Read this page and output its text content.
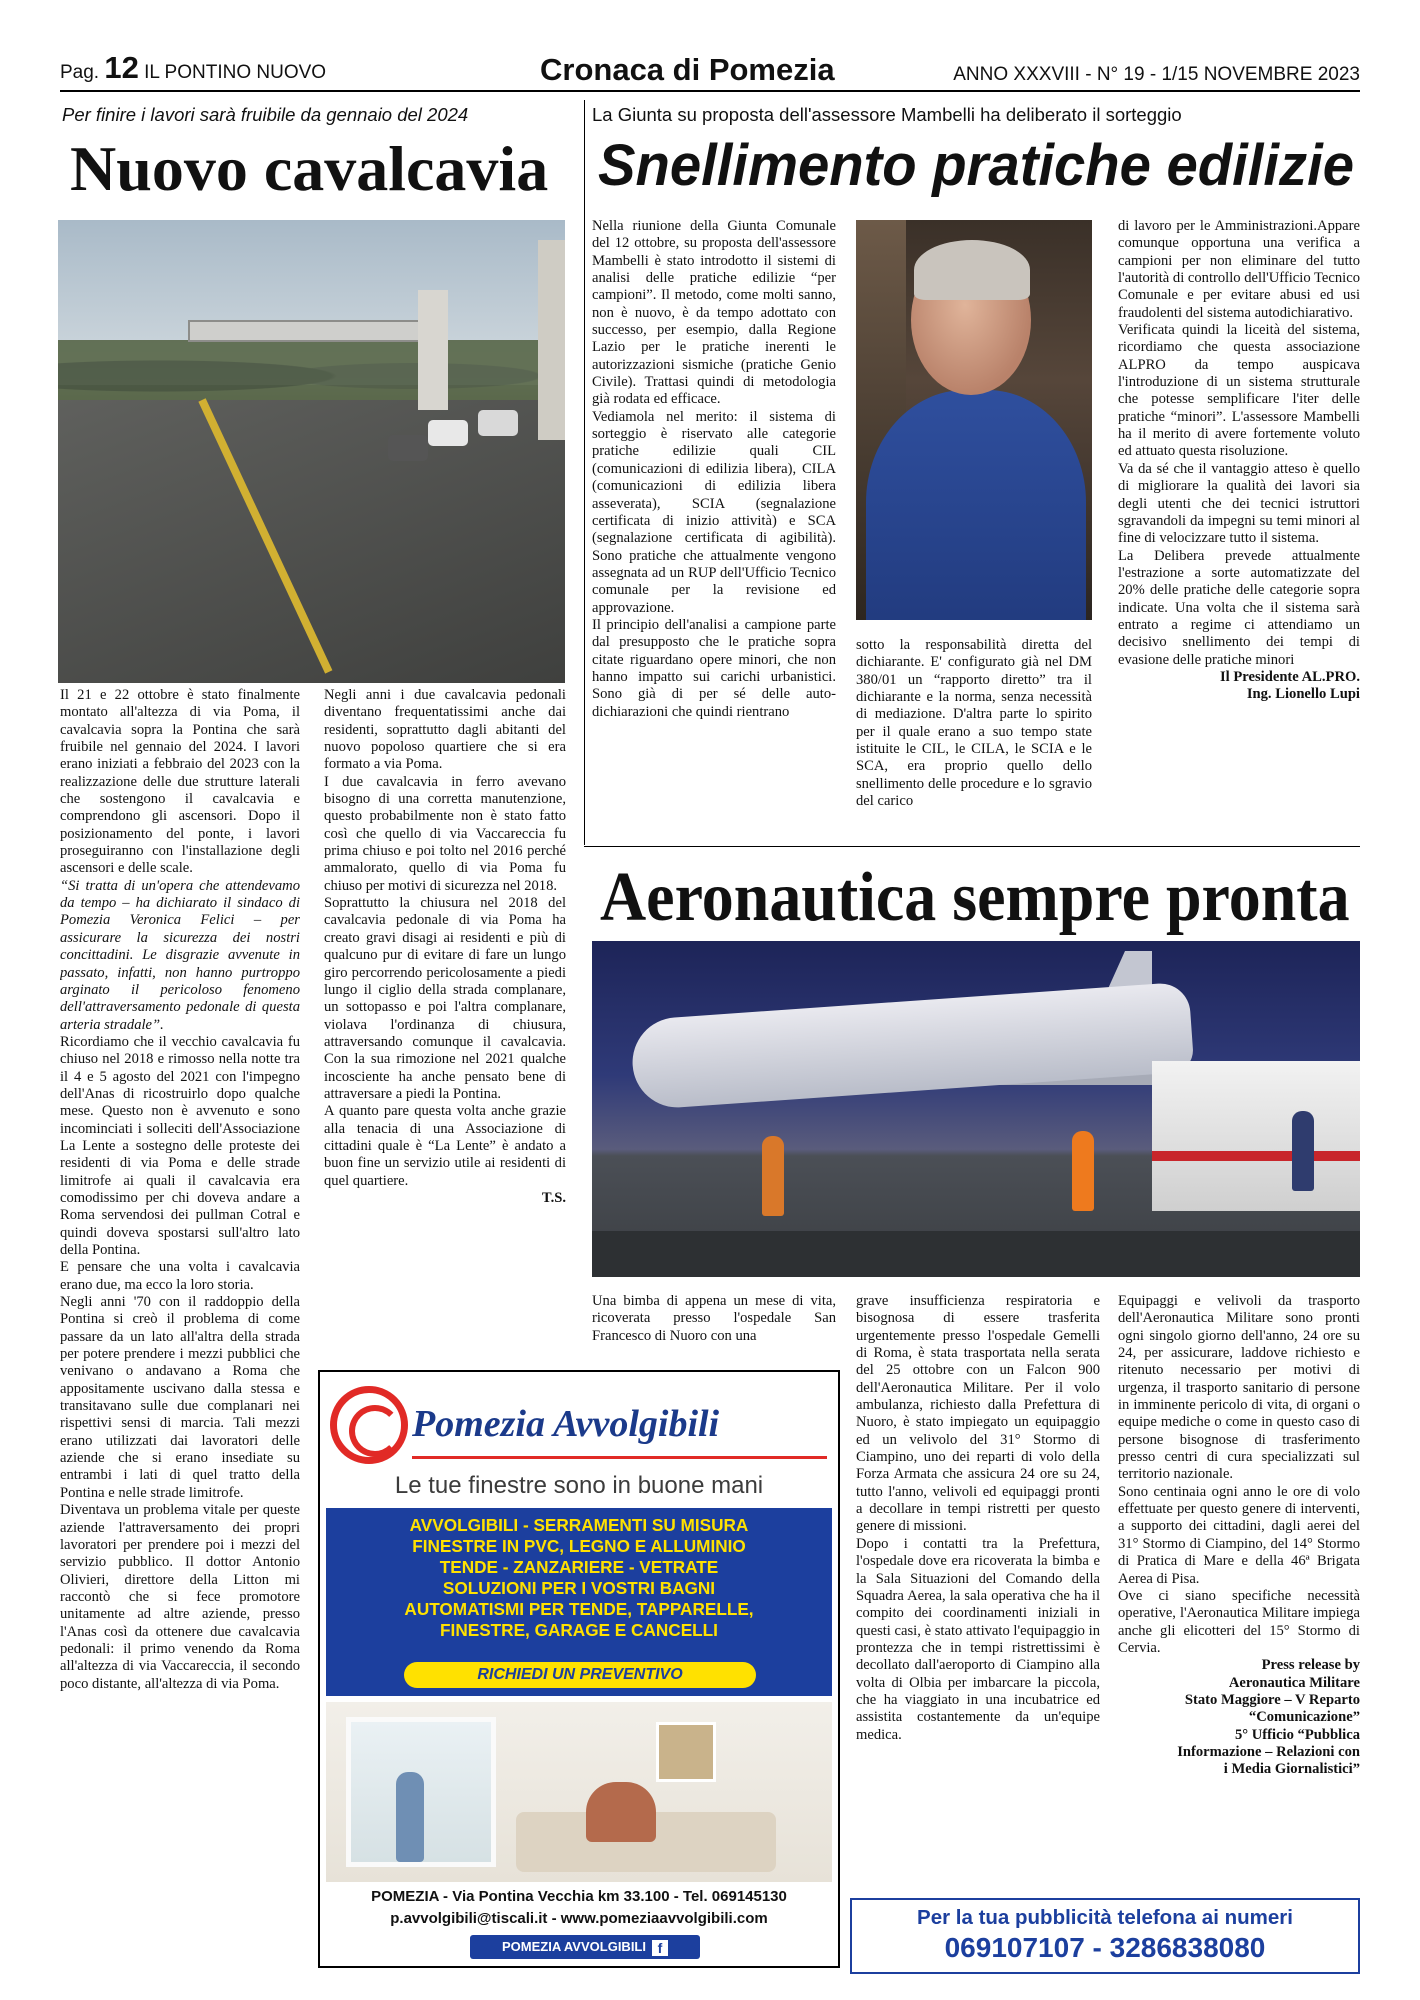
Pag. 12 IL PONTINO NUOVO	Cronaca di Pomezia	ANNO XXXVIII - N° 19 - 1/15 NOVEMBRE 2023
Per finire i lavori sarà fruibile da gennaio del 2024
Nuovo cavalcavia

Il 21 e 22 ottobre è stato finalmente montato all'altezza di via Poma, il cavalcavia sopra la Pontina che sarà fruibile nel gennaio del 2024. I lavori erano iniziati a febbraio del 2023 con la realizzazione delle due strutture laterali che sostengono il cavalcavia e comprendono gli ascensori. Dopo il posizionamento del ponte, i lavori proseguiranno con l'installazione degli ascensori e delle scale.

“Si tratta di un'opera che attendevamo da tempo – ha dichiarato il sindaco di Pomezia Veronica Felici – per assicurare la sicurezza dei nostri concittadini. Le disgrazie avvenute in passato, infatti, non hanno purtroppo arginato il pericoloso fenomeno dell'attraversamento pedonale di questa arteria stradale”.

Ricordiamo che il vecchio cavalcavia fu chiuso nel 2018 e rimosso nella notte tra il 4 e 5 agosto del 2021 con l'impegno dell'Anas di ricostruirlo dopo qualche mese. Questo non è avvenuto e sono incominciati i solleciti dell'Associazione La Lente a sostegno delle proteste dei residenti di via Poma e delle strade limitrofe ai quali il cavalcavia era comodissimo per chi doveva andare a Roma servendosi dei pullman Cotral e quindi doveva spostarsi sull'altro lato della Pontina.

E pensare che una volta i cavalcavia erano due, ma ecco la loro storia.

Negli anni '70 con il raddoppio della Pontina si creò il problema di come passare da un lato all'altra della strada per potere prendere i mezzi pubblici che venivano o andavano a Roma che appositamente uscivano dalla stessa e transitavano sulle due complanari nei rispettivi sensi di marcia. Tali mezzi erano utilizzati dai lavoratori delle aziende che si erano insediate su entrambi i lati di quel tratto della Pontina e nelle strade limitrofe.

Diventava un problema vitale per queste aziende l'attraversamento dei propri lavoratori per prendere poi i mezzi del servizio pubblico. Il dottor Antonio Olivieri, direttore della Litton mi raccontò che si fece promotore unitamente ad altre aziende, presso l'Anas così da ottenere due cavalcavia pedonali: il primo venendo da Roma all'altezza di via Vaccareccia, il secondo poco distante, all'altezza di via Poma.

Negli anni i due cavalcavia pedonali diventano frequentatissimi anche dai residenti, soprattutto dagli abitanti del nuovo popoloso quartiere che si era formato a via Poma.

I due cavalcavia in ferro avevano bisogno di una corretta manutenzione, questo probabilmente non è stato fatto così che quello di via Vaccareccia fu prima chiuso e poi tolto nel 2016 perché ammalorato, quello di via Poma fu chiuso per motivi di sicurezza nel 2018.

Soprattutto la chiusura nel 2018 del cavalcavia pedonale di via Poma ha creato gravi disagi ai residenti e più di qualcuno pur di evitare di fare un lungo giro percorrendo pericolosamente a piedi lungo il ciglio della strada complanare, un sottopasso e poi l'altra complanare, violava l'ordinanza di chiusura, attraversando comunque il cavalcavia. Con la sua rimozione nel 2021 qualche incosciente ha anche pensato bene di attraversare a piedi la Pontina.

A quanto pare questa volta anche grazie alla tenacia di una Associazione di cittadini quale è “La Lente” è andato a buon fine un servizio utile ai residenti di quel quartiere.

T.S.

La Giunta su proposta dell'assessore Mambelli ha deliberato il sorteggio
Snellimento pratiche edilizie

Nella riunione della Giunta Comunale del 12 ottobre, su proposta dell'assessore Mambelli è stato introdotto il sistemi di analisi delle pratiche edilizie “per campioni”. Il metodo, come molti sanno, non è nuovo, è da tempo adottato con successo, per esempio, dalla Regione Lazio per le pratiche inerenti le autorizzazioni sismiche (pratiche Genio Civile). Trattasi quindi di metodologia già rodata ed efficace.

Vediamola nel merito: il sistema di sorteggio è riservato alle categorie pratiche edilizie quali CIL (comunicazioni di edilizia libera), CILA (comunicazioni di edilizia libera asseverata), SCIA (segnalazione certificata di inizio attività) e SCA (segnalazione certificata di agibilità). Sono pratiche che attualmente vengono assegnata ad un RUP dell'Ufficio Tecnico comunale per la revisione ed approvazione.

Il principio dell'analisi a campione parte dal presupposto che le pratiche sopra citate riguardano opere minori, che non hanno impatto sui carichi urbanistici. Sono già di per sé delle auto-dichiarazioni che quindi rientrano

sotto la responsabilità diretta del dichiarante. E' configurato già nel DM 380/01 un “rapporto diretto” tra il dichiarante e la norma, senza necessità di mediazione. D'altra parte lo spirito per il quale erano a suo tempo state istituite le CIL, le CILA, le SCIA e le SCA, era proprio quello dello snellimento delle procedure e lo sgravio del carico

di lavoro per le Amministrazioni.Appare comunque opportuna una verifica a campioni per non eliminare del tutto l'autorità di controllo dell'Ufficio Tecnico Comunale e per evitare abusi ed usi fraudolenti del sistema autodichiarativo.

Verificata quindi la liceità del sistema, ricordiamo che questa associazione ALPRO da tempo auspicava l'introduzione di un sistema strutturale che potesse semplificare l'iter delle pratiche “minori”. L'assessore Mambelli ha il merito di avere fortemente voluto ed attuato questa risoluzione.

Va da sé che il vantaggio atteso è quello di migliorare la qualità dei lavori sia degli utenti che dei tecnici istruttori sgravandoli da impegni su temi minori al fine di velocizzare tutto il sistema.

La Delibera prevede attualmente l'estrazione a sorte automatizzate del 20% delle pratiche delle categorie sopra indicate. Una volta che il sistema sarà entrato a regime ci attendiamo un decisivo snellimento dei tempi di evasione delle pratiche minori

Il Presidente AL.PRO.

Ing. Lionello Lupi

Aeronautica sempre pronta

Una bimba di appena un mese di vita, ricoverata presso l'ospedale San Francesco di Nuoro con una

grave insufficienza respiratoria e bisognosa di essere trasferita urgentemente presso l'ospedale Gemelli di Roma, è stata trasportata nella serata del 25 ottobre con un Falcon 900 dell'Aeronautica Militare. Per il volo ambulanza, richiesto dalla Prefettura di Nuoro, è stato impiegato un equipaggio ed un velivolo del 31° Stormo di Ciampino, uno dei reparti di volo della Forza Armata che assicura 24 ore su 24, tutto l'anno, velivoli ed equipaggi pronti a decollare in tempi ristretti per questo genere di missioni.

Dopo i contatti tra la Prefettura, l'ospedale dove era ricoverata la bimba e la Sala Situazioni del Comando della Squadra Aerea, la sala operativa che ha il compito dei coordinamenti iniziali in questi casi, è stato attivato l'equipaggio in prontezza che in tempi ristrettissimi è decollato dall'aeroporto di Ciampino alla volta di Olbia per imbarcare la piccola, che ha viaggiato in una incubatrice ed assistita costantemente da un'equipe medica.

Equipaggi e velivoli da trasporto dell'Aeronautica Militare sono pronti ogni singolo giorno dell'anno, 24 ore su 24, per assicurare, laddove richiesto e ritenuto necessario per motivi di urgenza, il trasporto sanitario di persone in imminente pericolo di vita, di organi o equipe mediche o come in questo caso di persone bisognose di trasferimento presso centri di cura specializzati sul territorio nazionale.

Sono centinaia ogni anno le ore di volo effettuate per questo genere di interventi, a supporto dei cittadini, dagli aerei del 31° Stormo di Ciampino, del 14° Stormo di Pratica di Mare e della 46ª Brigata Aerea di Pisa.

Ove ci siano specifiche necessità operative, l'Aeronautica Militare impiega anche gli elicotteri del 15° Stormo di Cervia.

Press release by

Aeronautica Militare

Stato Maggiore – V Reparto

“Comunicazione”

5° Ufficio “Pubblica

Informazione – Relazioni con

i Media Giornalistici”

Pomezia Avvolgibili
Le tue finestre sono in buone mani
AVVOLGIBILI - SERRAMENTI SU MISURA
FINESTRE IN PVC, LEGNO E ALLUMINIO
TENDE - ZANZARIERE - VETRATE
SOLUZIONI PER I VOSTRI BAGNI
AUTOMATISMI PER TENDE, TAPPARELLE,
FINESTRE, GARAGE E CANCELLI
RICHIEDI UN PREVENTIVO
POMEZIA - Via Pontina Vecchia km 33.100 - Tel. 069145130
p.avvolgibili@tiscali.it - www.pomeziaavvolgibili.com
POMEZIA AVVOLGIBILI f
Per la tua pubblicità telefona ai numeri
069107107 - 3286838080
